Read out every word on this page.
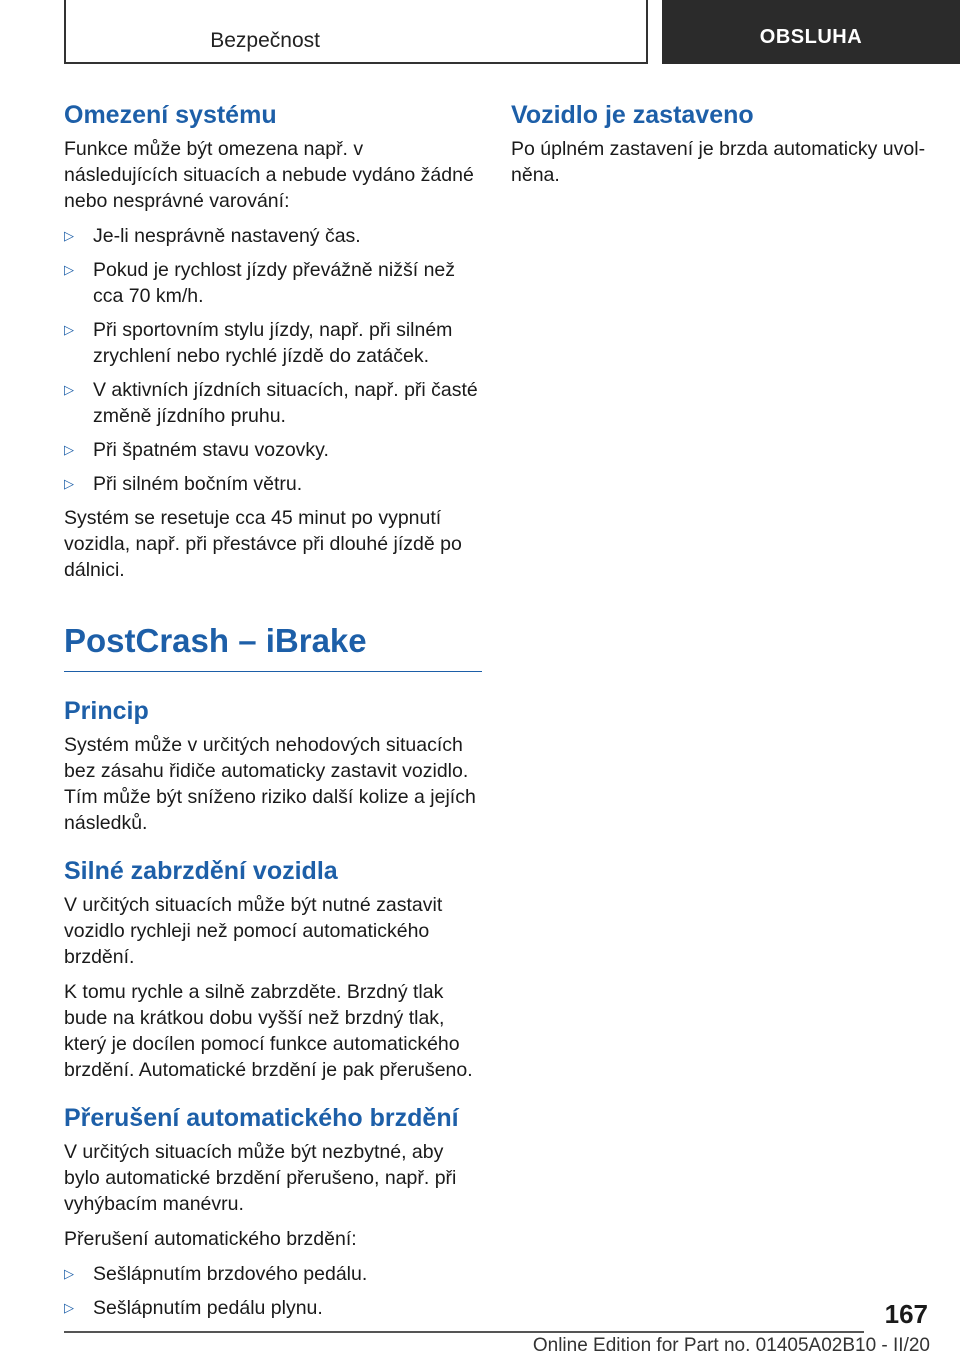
Bezpečnost	OBSLUHA
Omezení systému

Funkce může být omezena např. v následujících situacích a nebude vydáno žádné nebo nesprávné varování:

▷ Je-li nesprávně nastavený čas.
▷ Pokud je rychlost jízdy převážně nižší než cca 70 km/h.
▷ Při sportovním stylu jízdy, např. při silném zrychlení nebo rychlé jízdě do zatáček.
▷ V aktivních jízdních situacích, např. při časté změně jízdního pruhu.
▷ Při špatném stavu vozovky.
▷ Při silném bočním větru.

Systém se resetuje cca 45 minut po vypnutí vozidla, např. při přestávce při dlouhé jízdě po dálnici.

PostCrash – iBrake
Princip

Systém může v určitých nehodových situacích bez zásahu řidiče automaticky zastavit vozidlo. Tím může být sníženo riziko další kolize a jejích následků.

Silné zabrzdění vozidla

V určitých situacích může být nutné zastavit vozidlo rychleji než pomocí automatického brzdění.

K tomu rychle a silně zabrzděte. Brzdný tlak bude na krátkou dobu vyšší než brzdný tlak, který je docílen pomocí funkce automatického brzdění. Automatické brzdění je pak přerušeno.

Přerušení automatického brzdění

V určitých situacích může být nezbytné, aby bylo automatické brzdění přerušeno, např. při vyhýbacím manévru.

Přerušení automatického brzdění:

▷ Sešlápnutím brzdového pedálu.
▷ Sešlápnutím pedálu plynu.
Vozidlo je zastaveno

Po úplném zastavení je brzda automaticky uvolněna.

167
Online Edition for Part no. 01405A02B10 - II/20
